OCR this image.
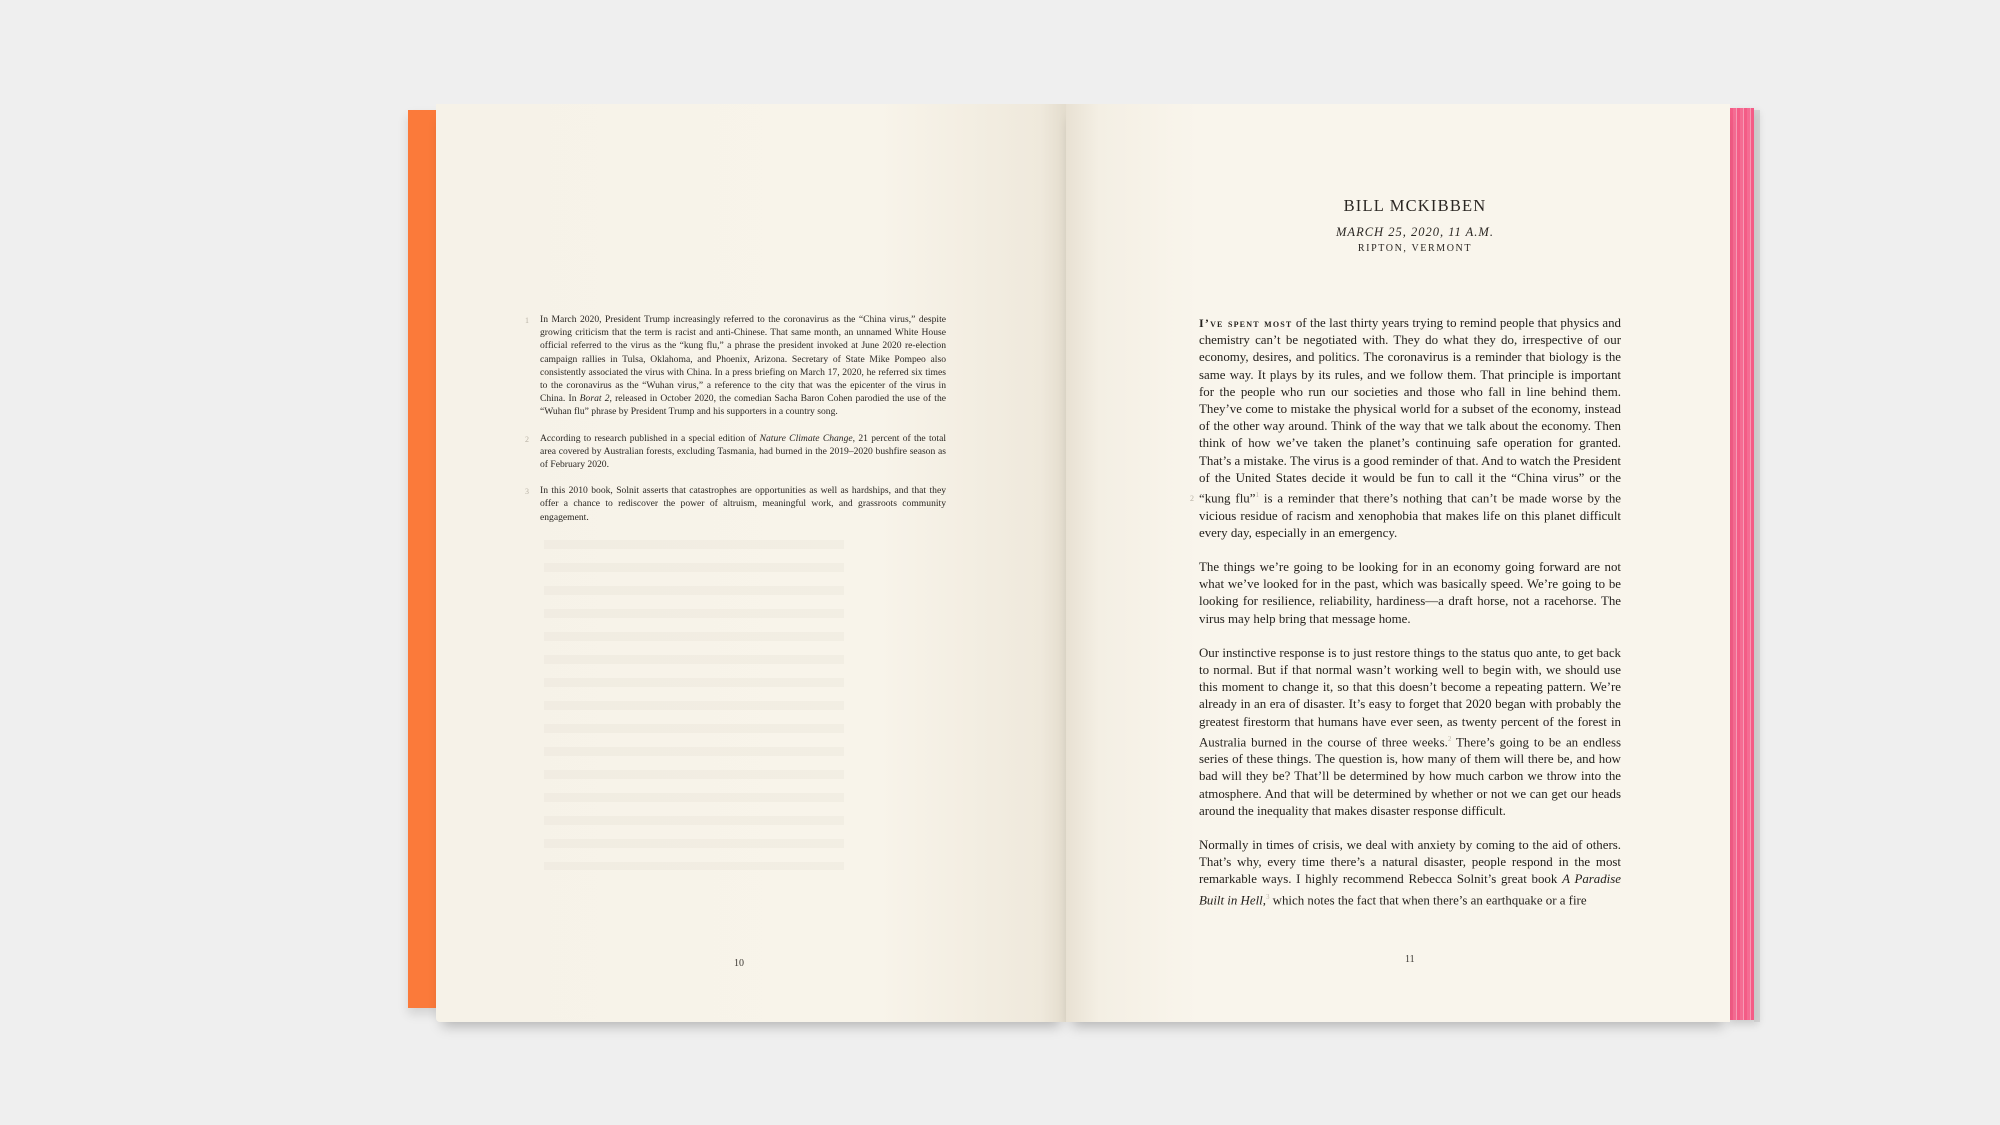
1 In March 2020, President Trump increasingly referred to the coronavirus as the “China virus,” despite growing criticism that the term is racist and anti-Chinese. That same month, an unnamed White House official referred to the virus as the “kung flu,” a phrase the president invoked at June 2020 re-election campaign rallies in Tulsa, Oklahoma, and Phoenix, Arizona. Secretary of State Mike Pompeo also consistently associated the virus with China. In a press briefing on March 17, 2020, he referred six times to the coronavirus as the “Wuhan virus,” a reference to the city that was the epicenter of the virus in China. In Borat 2, released in October 2020, the comedian Sacha Baron Cohen parodied the use of the “Wuhan flu” phrase by President Trump and his supporters in a country song.
2 According to research published in a special edition of Nature Climate Change, 21 percent of the total area covered by Australian forests, excluding Tasmania, had burned in the 2019–2020 bushfire season as of February 2020.
3 In this 2010 book, Solnit asserts that catastrophes are opportunities as well as hardships, and that they offer a chance to rediscover the power of altruism, meaningful work, and grassroots community engagement.
10
BILL MCKIBBEN
MARCH 25, 2020, 11 A.M.
RIPTON, VERMONT
2

I’ve spent most of the last thirty years trying to remind people that physics and chemistry can’t be negotiated with. They do what they do, irrespective of our economy, desires, and politics. The coronavirus is a reminder that biology is the same way. It plays by its rules, and we follow them. That principle is important for the people who run our societies and those who fall in line behind them. They’ve come to mistake the physical world for a subset of the economy, instead of the other way around. Think of the way that we talk about the economy. Then think of how we’ve taken the planet’s continuing safe operation for granted. That’s a mistake. The virus is a good reminder of that. And to watch the President of the United States decide it would be fun to call it the “China virus” or the “kung flu”$^1$ is a reminder that there’s nothing that can’t be made worse by the vicious residue of racism and xenophobia that makes life on this planet difficult every day, especially in an emergency.

The things we’re going to be looking for in an economy going forward are not what we’ve looked for in the past, which was basically speed. We’re going to be looking for resilience, reliability, hardiness—a draft horse, not a racehorse. The virus may help bring that message home.

Our instinctive response is to just restore things to the status quo ante, to get back to normal. But if that normal wasn’t working well to begin with, we should use this moment to change it, so that this doesn’t become a repeating pattern. We’re already in an era of disaster. It’s easy to forget that 2020 began with probably the greatest firestorm that humans have ever seen, as twenty percent of the forest in Australia burned in the course of three weeks.$^2$ There’s going to be an endless series of these things. The question is, how many of them will there be, and how bad will they be? That’ll be determined by how much carbon we throw into the atmosphere. And that will be determined by whether or not we can get our heads around the inequality that makes disaster response difficult.

Normally in times of crisis, we deal with anxiety by coming to the aid of others. That’s why, every time there’s a natural disaster, people respond in the most remarkable ways. I highly recommend Rebecca Solnit’s great book A Paradise Built in Hell,$^3$ which notes the fact that when there’s an earthquake or a fire

11
